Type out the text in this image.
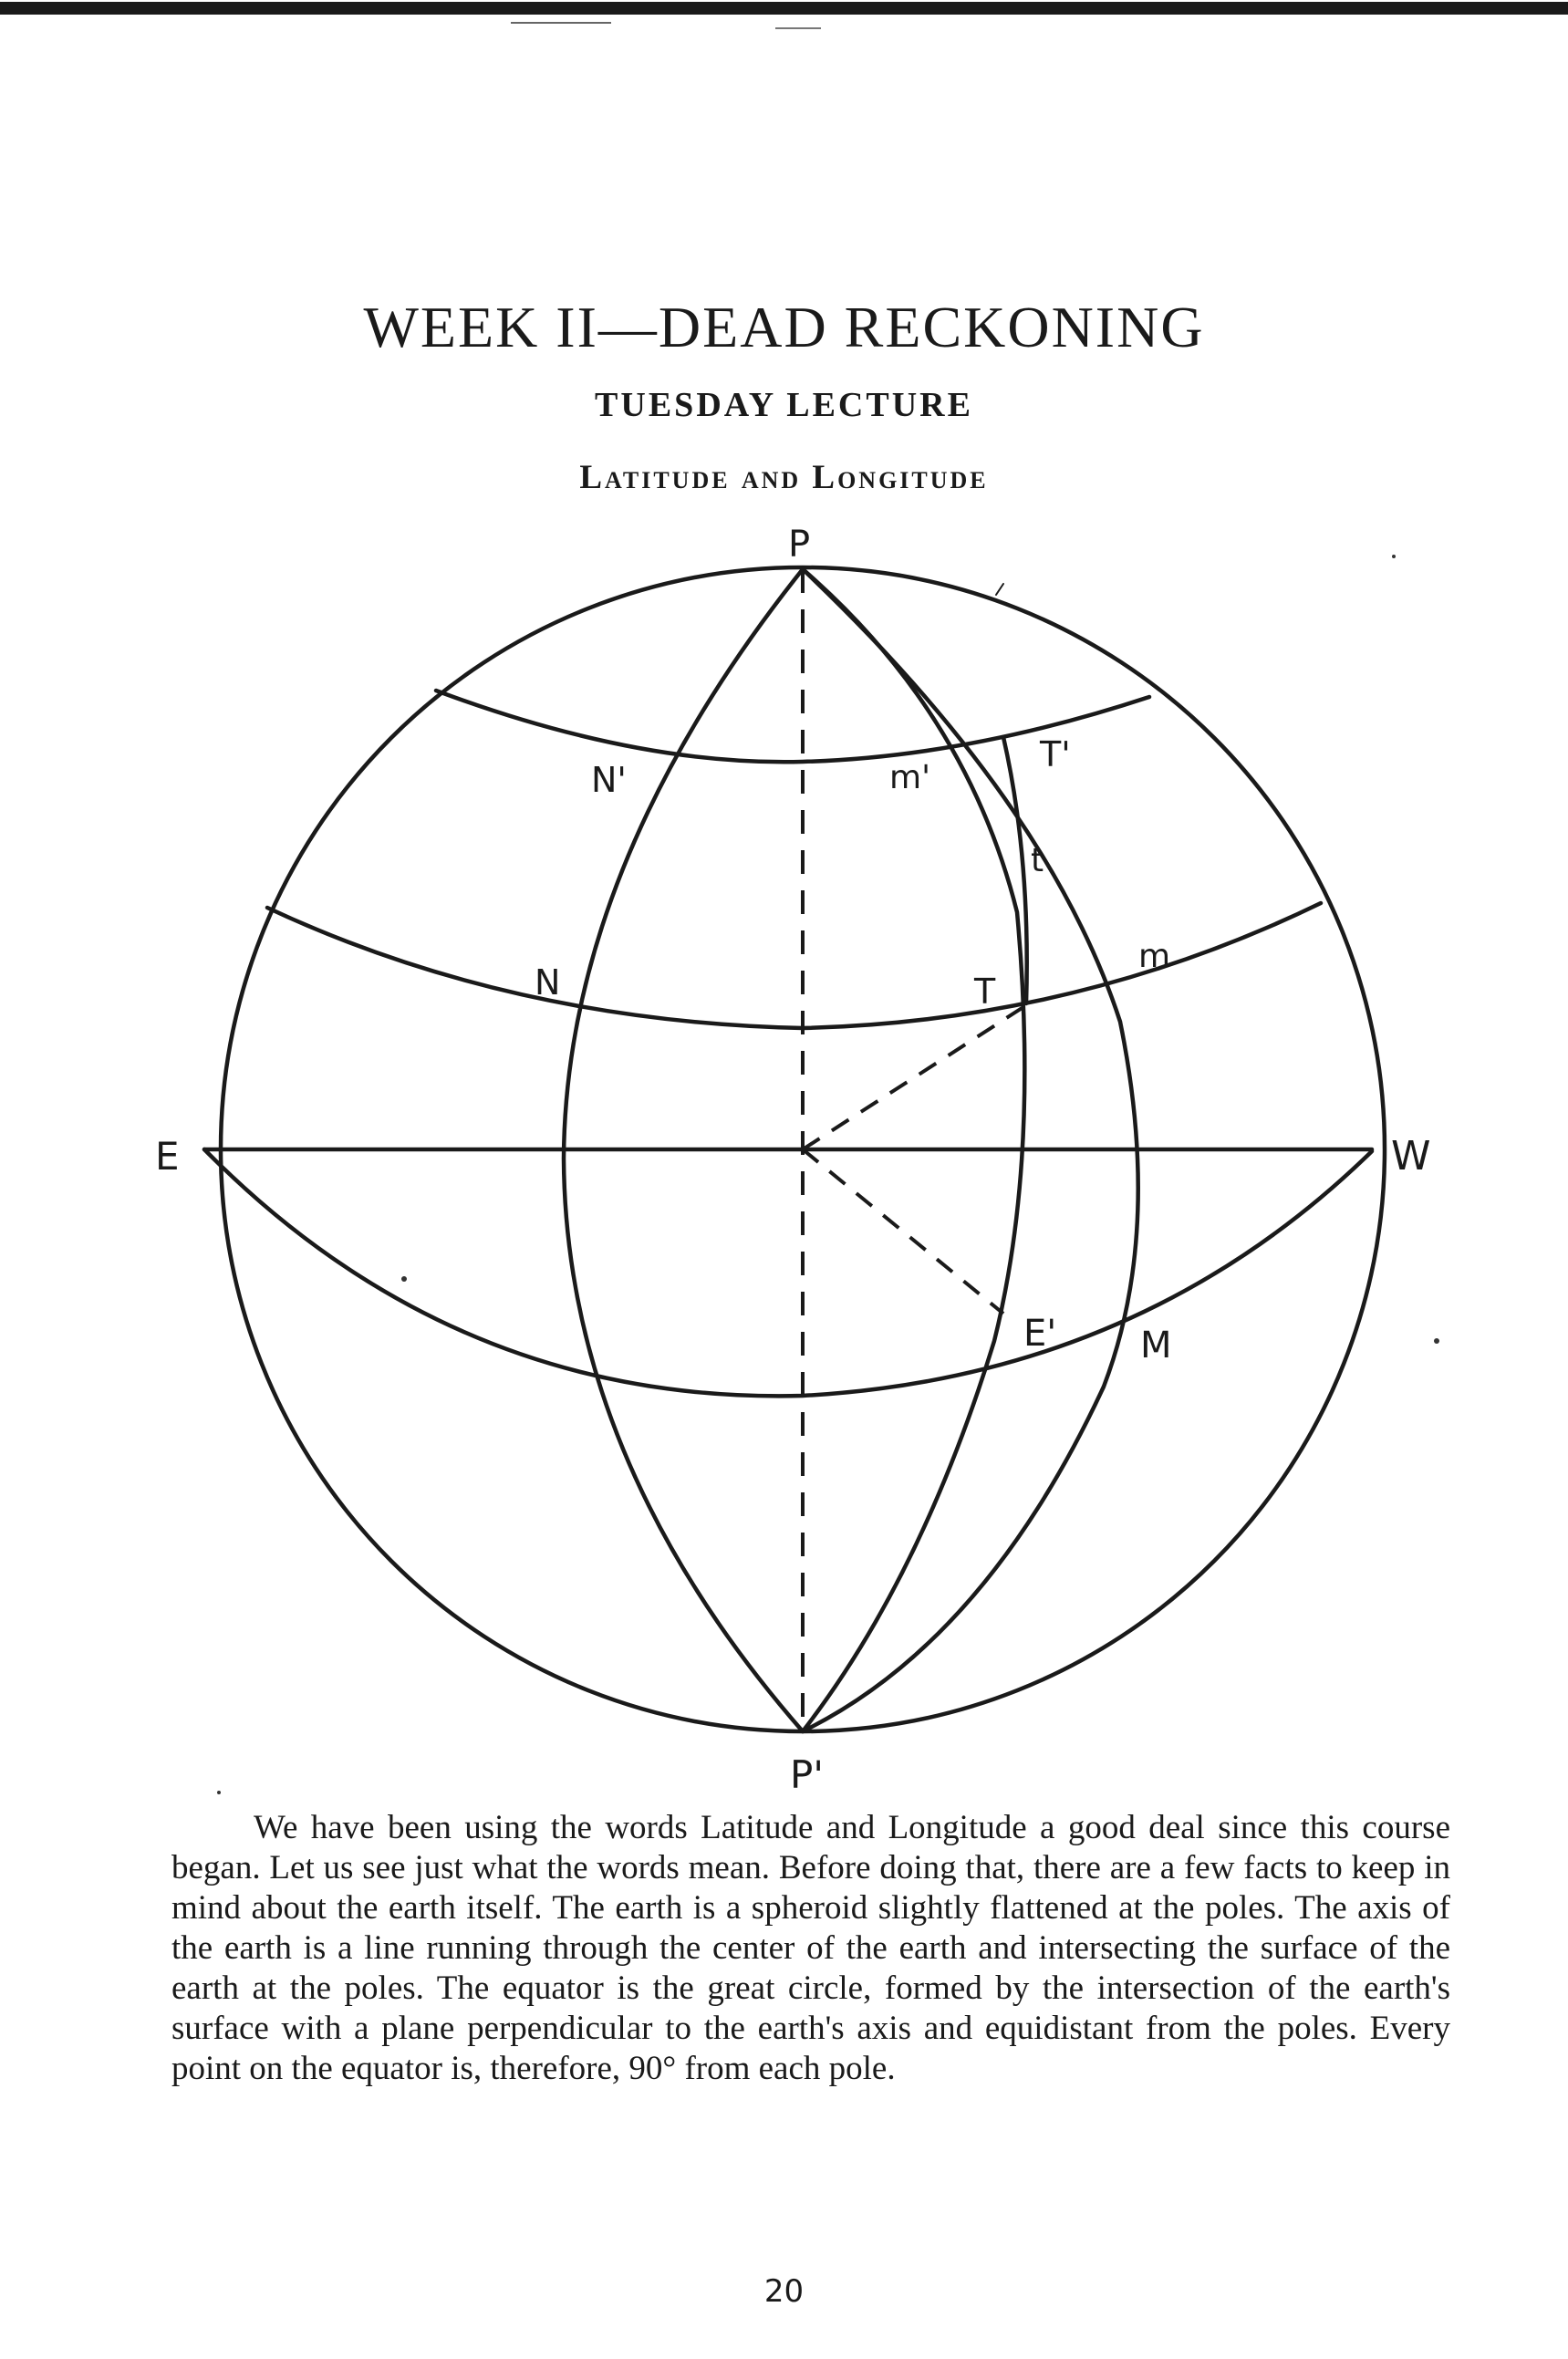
WEEK II—DEAD RECKONING
TUESDAY LECTURE
Latitude and Longitude
P
P'
E	W
N'
N
m'
T'
t
m
T
E' M

We have been using the words Latitude and Longitude a good deal since this course began. Let us see just what the words mean. Before doing that, there are a few facts to keep in mind about the earth itself. The earth is a spheroid slightly flattened at the poles. The axis of the earth is a line running through the center of the earth and intersecting the surface of the earth at the poles. The equator is the great circle, formed by the intersection of the earth's surface with a plane perpendicular to the earth's axis and equidistant from the poles. Every point on the equator is, therefore, 90° from each pole.

20
